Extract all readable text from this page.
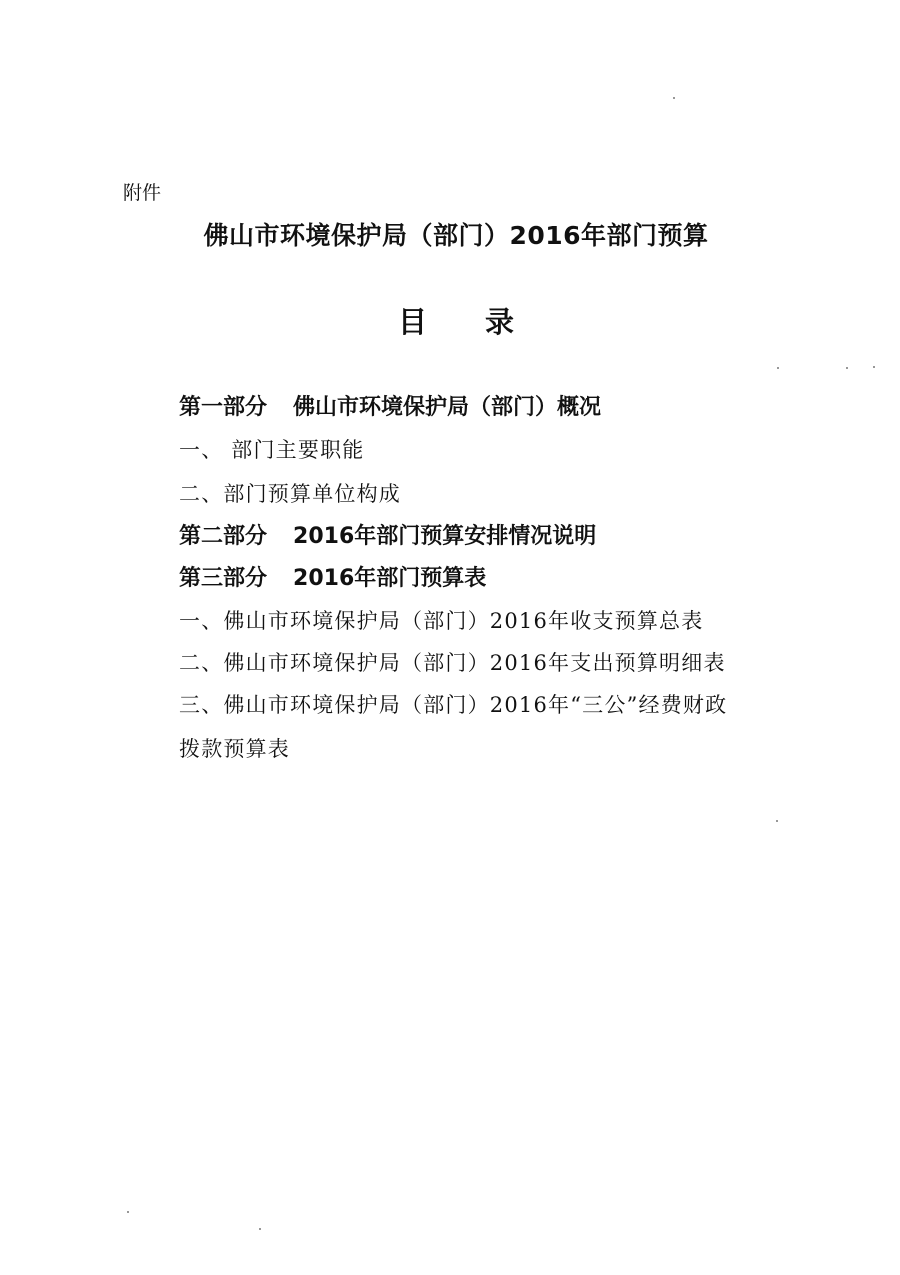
附件
佛山市环境保护局（部门）2016年部门预算
目 录
第一部分 佛山市环境保护局（部门）概况
一、 部门主要职能
二、部门预算单位构成
第二部分 2016年部门预算安排情况说明
第三部分 2016年部门预算表
一、佛山市环境保护局（部门）2016年收支预算总表
二、佛山市环境保护局（部门）2016年支出预算明细表
三、佛山市环境保护局（部门）2016年“三公”经费财政
拨款预算表
